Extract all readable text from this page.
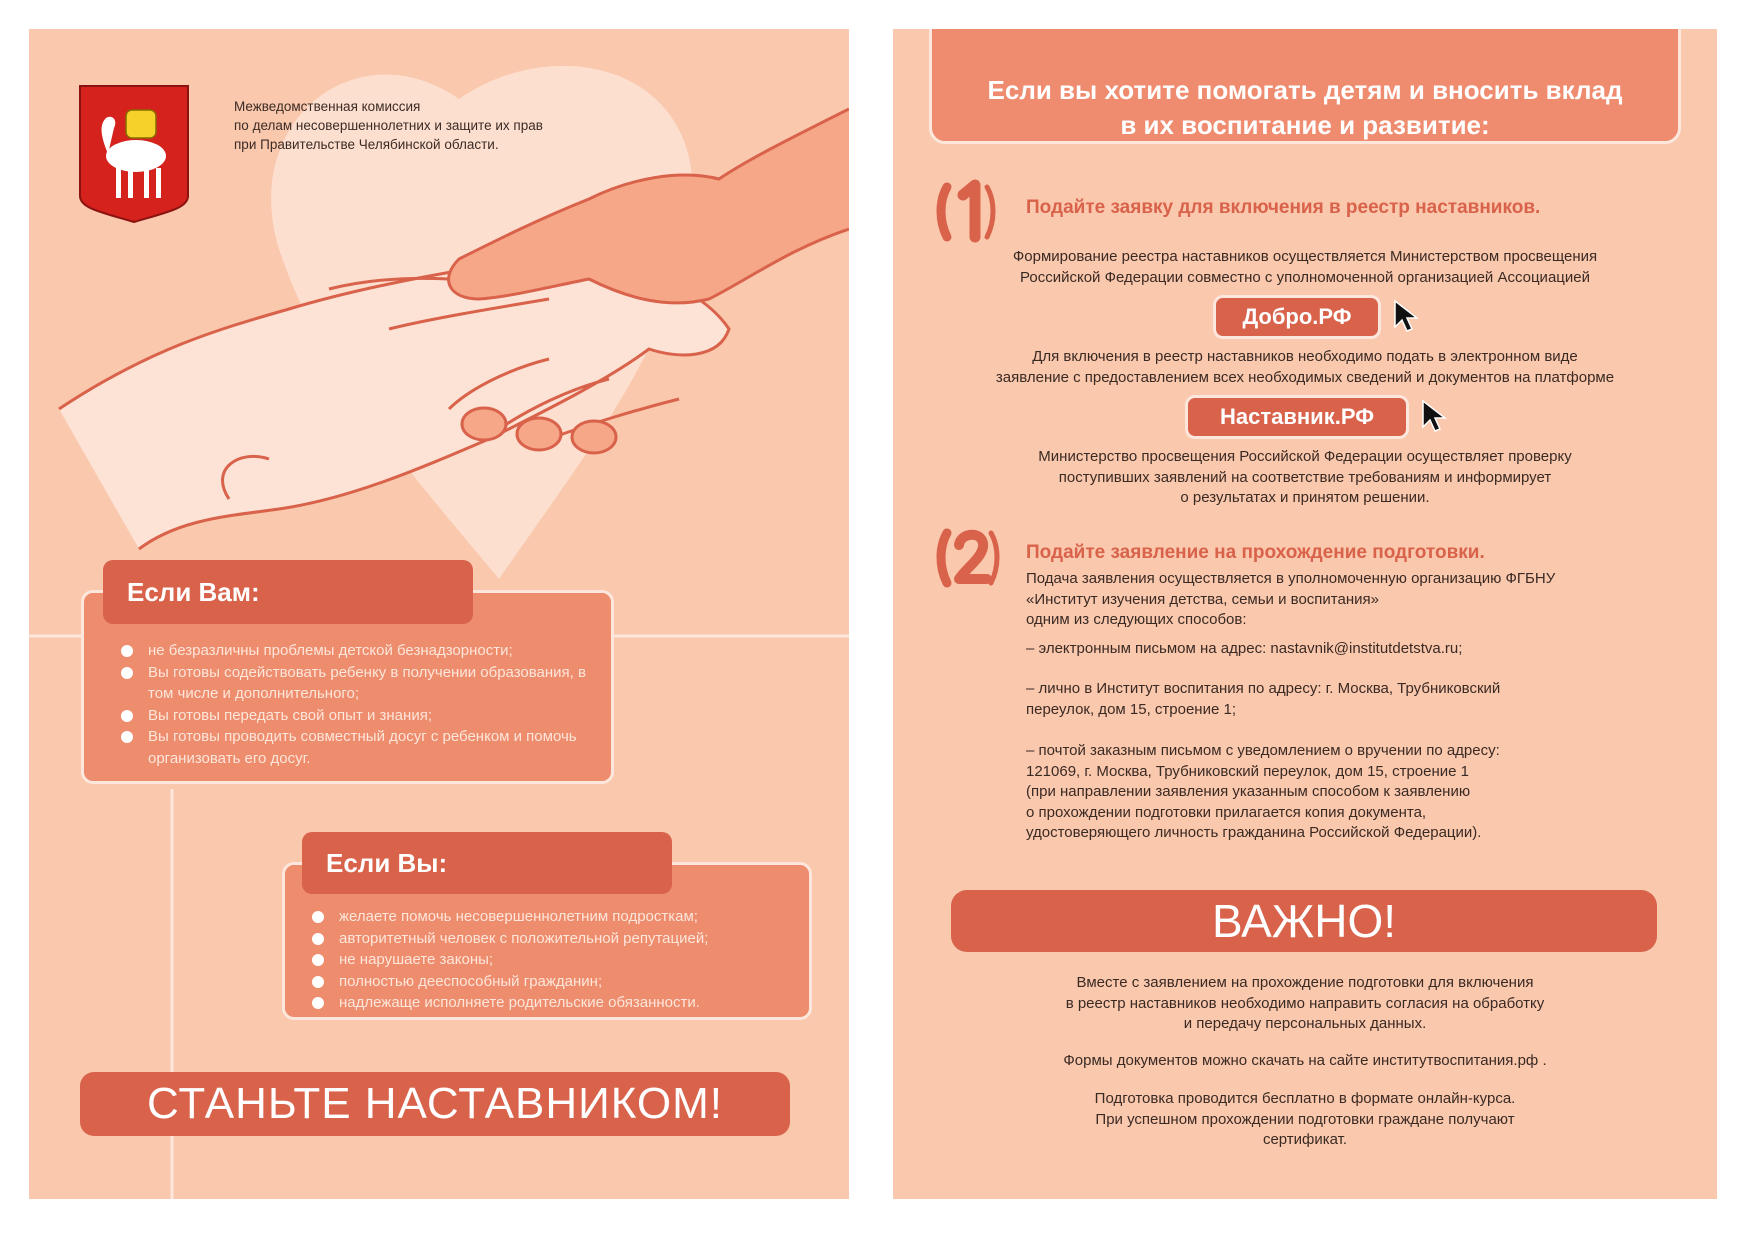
Межведомственная комиссия
по делам несовершеннолетних и защите их прав
при Правительстве Челябинской области.
Если Вам:
не безразличны проблемы детской безнадзорности;
Вы готовы содействовать ребенку в получении образования, в том числе и дополнительного;
Вы готовы передать свой опыт и знания;
Вы готовы проводить совместный досуг с ребенком и помочь организовать его досуг.
Если Вы:
желаете помочь несовершеннолетним подросткам;
авторитетный человек с положительной репутацией;
не нарушаете законы;
полностью дееспособный гражданин;
надлежаще исполняете родительские обязанности.
СТАНЬТЕ НАСТАВНИКОМ!
Если вы хотите помогать детям и вносить вклад
в их воспитание и развитие:
Подайте заявку для включения в реестр наставников.
Формирование реестра наставников осуществляется Министерством просвещения
Российской Федерации совместно с уполномоченной организацией Ассоциацией
Добро.РФ
Для включения в реестр наставников необходимо подать в электронном виде
заявление с предоставлением всех необходимых сведений и документов на платформе
Наставник.РФ
Министерство просвещения Российской Федерации осуществляет проверку
поступивших заявлений на соответствие требованиям и информирует
о результатах и принятом решении.
Подайте заявление на прохождение подготовки.
Подача заявления осуществляется в уполномоченную организацию ФГБНУ
«Институт изучения детства, семьи и воспитания»
одним из следующих способов:
– электронным письмом на адрес: nastavnik@institutdetstva.ru;
– лично в Институт воспитания по адресу: г. Москва, Трубниковский
переулок, дом 15, строение 1;
– почтой заказным письмом с уведомлением о вручении по адресу:
121069, г. Москва, Трубниковский переулок, дом 15, строение 1
(при направлении заявления указанным способом к заявлению
о прохождении подготовки прилагается копия документа,
удостоверяющего личность гражданина Российской Федерации).
ВАЖНО!
Вместе с заявлением на прохождение подготовки для включения
в реестр наставников необходимо направить согласия на обработку
и передачу персональных данных.
Формы документов можно скачать на сайте институтвоспитания.рф .
Подготовка проводится бесплатно в формате онлайн-курса.
При успешном прохождении подготовки граждане получают
сертификат.
